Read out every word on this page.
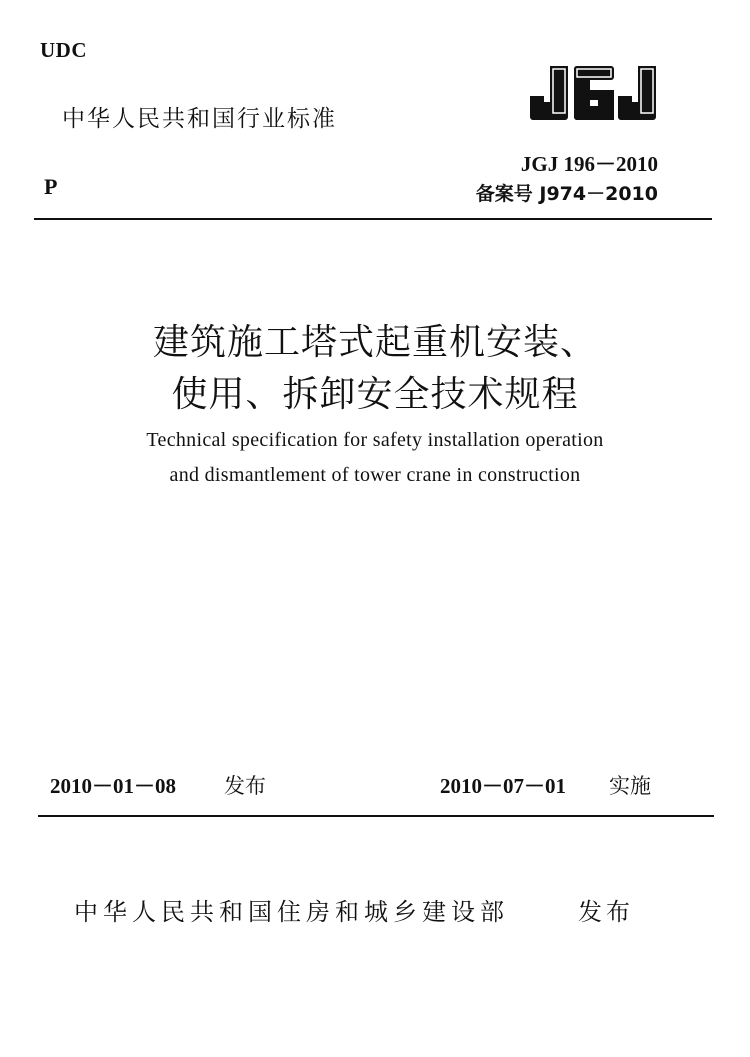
UDC
中华人民共和国行业标准
JGJ 196－2010
P	备案号 J974－2010
建筑施工塔式起重机安装、
使用、拆卸安全技术规程
Technical specification for safety installation operation
and dismantlement of tower crane in construction
2010－01－08 发布	2010－07－01 实施
中华人民共和国住房和城乡建设部	发布
